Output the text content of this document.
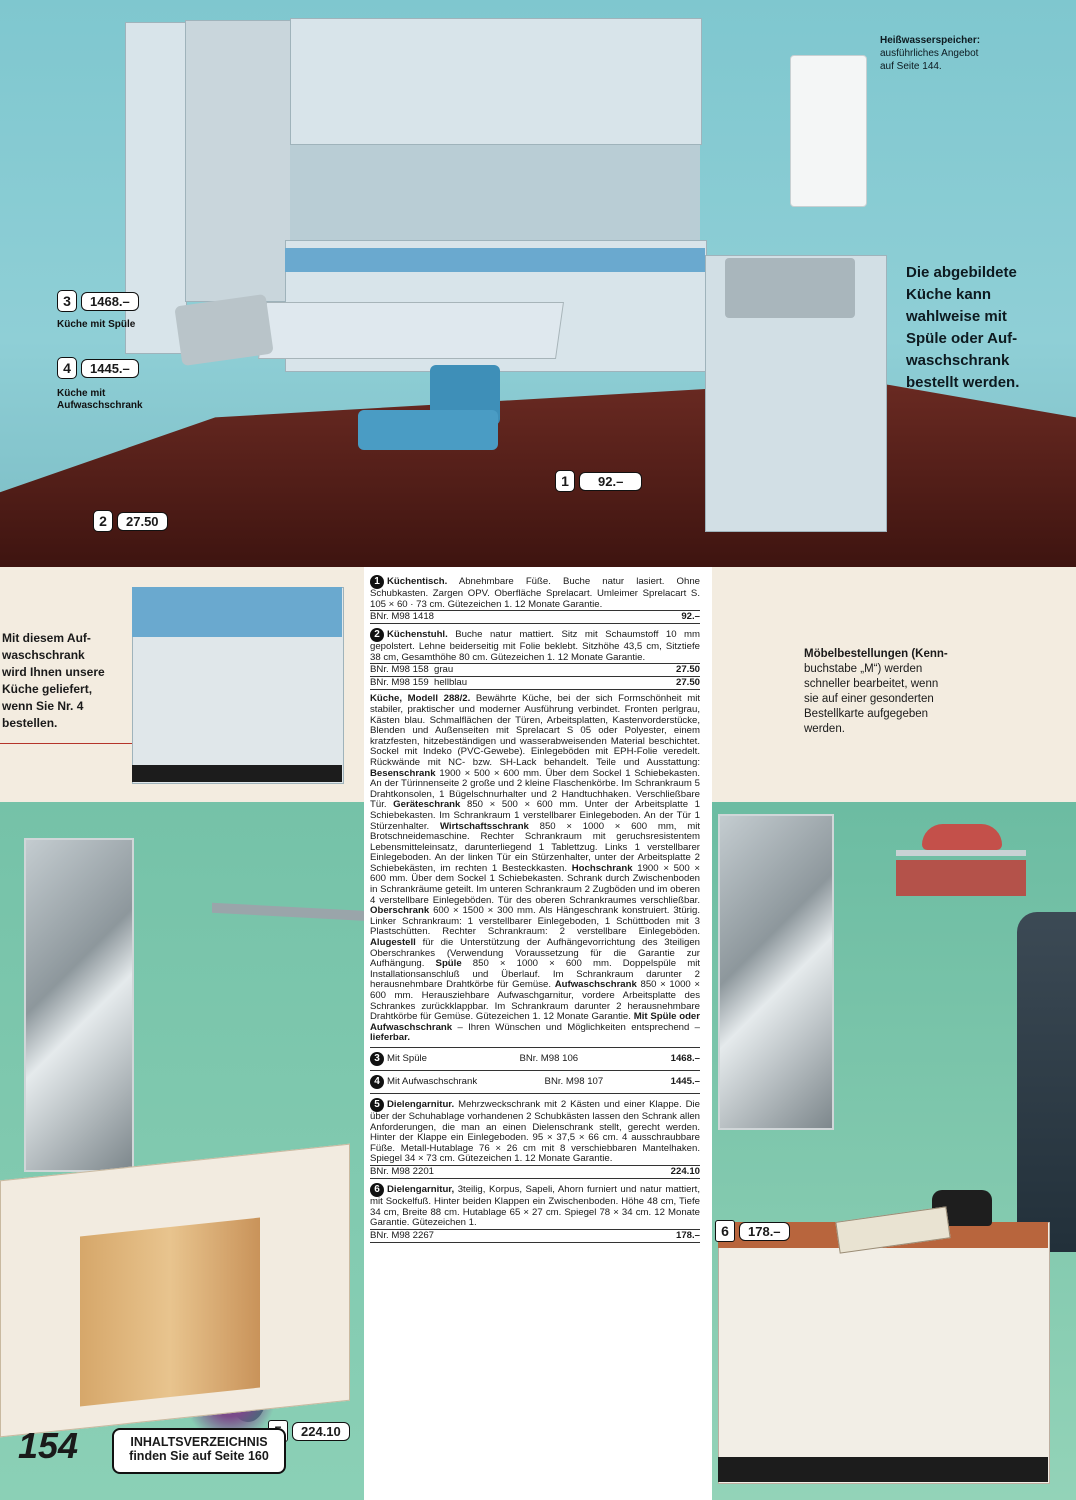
Heißwasserspeicher:
ausführliches Angebot
auf Seite 144.
Die abgebildete
Küche kann
wahlweise mit
Spüle oder Auf-
waschschrank
bestellt werden.
3	1468.–
Küche mit Spüle
4	1445.–
Küche mit Aufwaschschrank
2	27.50
1	92.–
Mit diesem Auf-
waschschrank
wird Ihnen unsere
Küche geliefert,
wenn Sie Nr. 4
bestellen.
Möbelbestellungen (Kenn-
buchstabe „M“) werden
schneller bearbeitet, wenn
sie auf einer gesonderten
Bestellkarte aufgegeben
werden.
224.10
6	178.–
1 Küchentisch. Abnehmbare Füße. Buche natur lasiert. Ohne Schubkasten. Zargen OPV. Oberfläche Sprelacart. Umleimer Sprelacart S. 105 × 60 · 73 cm. Gütezeichen 1. 12 Monate Garantie.
BNr. M98 1418	92.–
2 Küchenstuhl. Buche natur mattiert. Sitz mit Schaumstoff 10 mm gepolstert. Lehne beiderseitig mit Folie beklebt. Sitzhöhe 43,5 cm, Sitztiefe 38 cm, Gesamthöhe 80 cm. Gütezeichen 1. 12 Monate Garantie.
BNr. M98 158 grau	27.50
BNr. M98 159 hellblau	27.50
Küche, Modell 288/2. Bewährte Küche, bei der sich Formschönheit mit stabiler, praktischer und moderner Ausführung verbindet. Fronten perlgrau, Kästen blau. Schmalflächen der Türen, Arbeitsplatten, Kastenvorderstücke, Blenden und Außenseiten mit Sprelacart S 05 oder Polyester, einem kratzfesten, hitzebeständigen und wasserabweisenden Material beschichtet. Sockel mit Indeko (PVC-Gewebe). Einlegeböden mit EPH-Folie veredelt. Rückwände mit NC- bzw. SH-Lack behandelt. Teile und Ausstattung: Besenschrank 1900 × 500 × 600 mm. Über dem Sockel 1 Schiebekasten. An der Türinnenseite 2 große und 2 kleine Flaschenkörbe. Im Schrankraum 5 Drahtkonsolen, 1 Bügelschnurhalter und 2 Handtuchhaken. Verschließbare Tür. Geräteschrank 850 × 500 × 600 mm. Unter der Arbeitsplatte 1 Schiebekasten. Im Schrankraum 1 verstellbarer Einlegeboden. An der Tür 1 Stürzenhalter. Wirtschaftsschrank 850 × 1000 × 600 mm, mit Brotschneidemaschine. Rechter Schrankraum mit geruchsresistentem Lebensmitteleinsatz, darunterliegend 1 Tablettzug. Links 1 verstellbarer Einlegeboden. An der linken Tür ein Stürzenhalter, unter der Arbeitsplatte 2 Schiebekästen, im rechten 1 Besteckkasten. Hochschrank 1900 × 500 × 600 mm. Über dem Sockel 1 Schiebekasten. Schrank durch Zwischenboden in Schrankräume geteilt. Im unteren Schrankraum 2 Zugböden und im oberen 4 verstellbare Einlegeböden. Tür des oberen Schrankraumes verschließbar. Oberschrank 600 × 1500 × 300 mm. Als Hängeschrank konstruiert. 3türig. Linker Schrankraum: 1 verstellbarer Einlegeboden, 1 Schüttboden mit 3 Plastschütten. Rechter Schrankraum: 2 verstellbare Einlegeböden. Alugestell für die Unterstützung der Aufhängevorrichtung des 3teiligen Oberschrankes (Verwendung Voraussetzung für die Garantie zur Aufhängung. Spüle 850 × 1000 × 600 mm. Doppelspüle mit Installationsanschluß und Überlauf. Im Schrankraum darunter 2 herausnehmbare Drahtkörbe für Gemüse. Aufwaschschrank 850 × 1000 × 600 mm. Herausziehbare Aufwaschgarnitur, vordere Arbeitsplatte des Schrankes zurückklappbar. Im Schrankraum darunter 2 herausnehmbare Drahtkörbe für Gemüse. Gütezeichen 1. 12 Monate Garantie. Mit Spüle oder Aufwaschschrank – Ihren Wünschen und Möglichkeiten entsprechend – lieferbar.
3 Mit Spüle	BNr. M98 106	1468.–
4 Mit Aufwaschschrank	BNr. M98 107	1445.–
5 Dielengarnitur. Mehrzweckschrank mit 2 Kästen und einer Klappe. Die über der Schuhablage vorhandenen 2 Schubkästen lassen den Schrank allen Anforderungen, die man an einen Dielenschrank stellt, gerecht werden. Hinter der Klappe ein Einlegeboden. 95 × 37,5 × 66 cm. 4 ausschraubbare Füße. Metall-Hutablage 76 × 26 cm mit 8 verschiebbaren Mantelhaken. Spiegel 34 × 73 cm. Gütezeichen 1. 12 Monate Garantie.
BNr. M98 2201	224.10
6 Dielengarnitur, 3teilig, Korpus, Sapeli, Ahorn furniert und natur mattiert, mit Sockelfuß. Hinter beiden Klappen ein Zwischenboden. Höhe 48 cm, Tiefe 34 cm, Breite 88 cm. Hutablage 65 × 27 cm. Spiegel 78 × 34 cm. 12 Monate Garantie. Gütezeichen 1.
BNr. M98 2267	178.–
154	INHALTSVERZEICHNIS
finden Sie auf Seite 160
